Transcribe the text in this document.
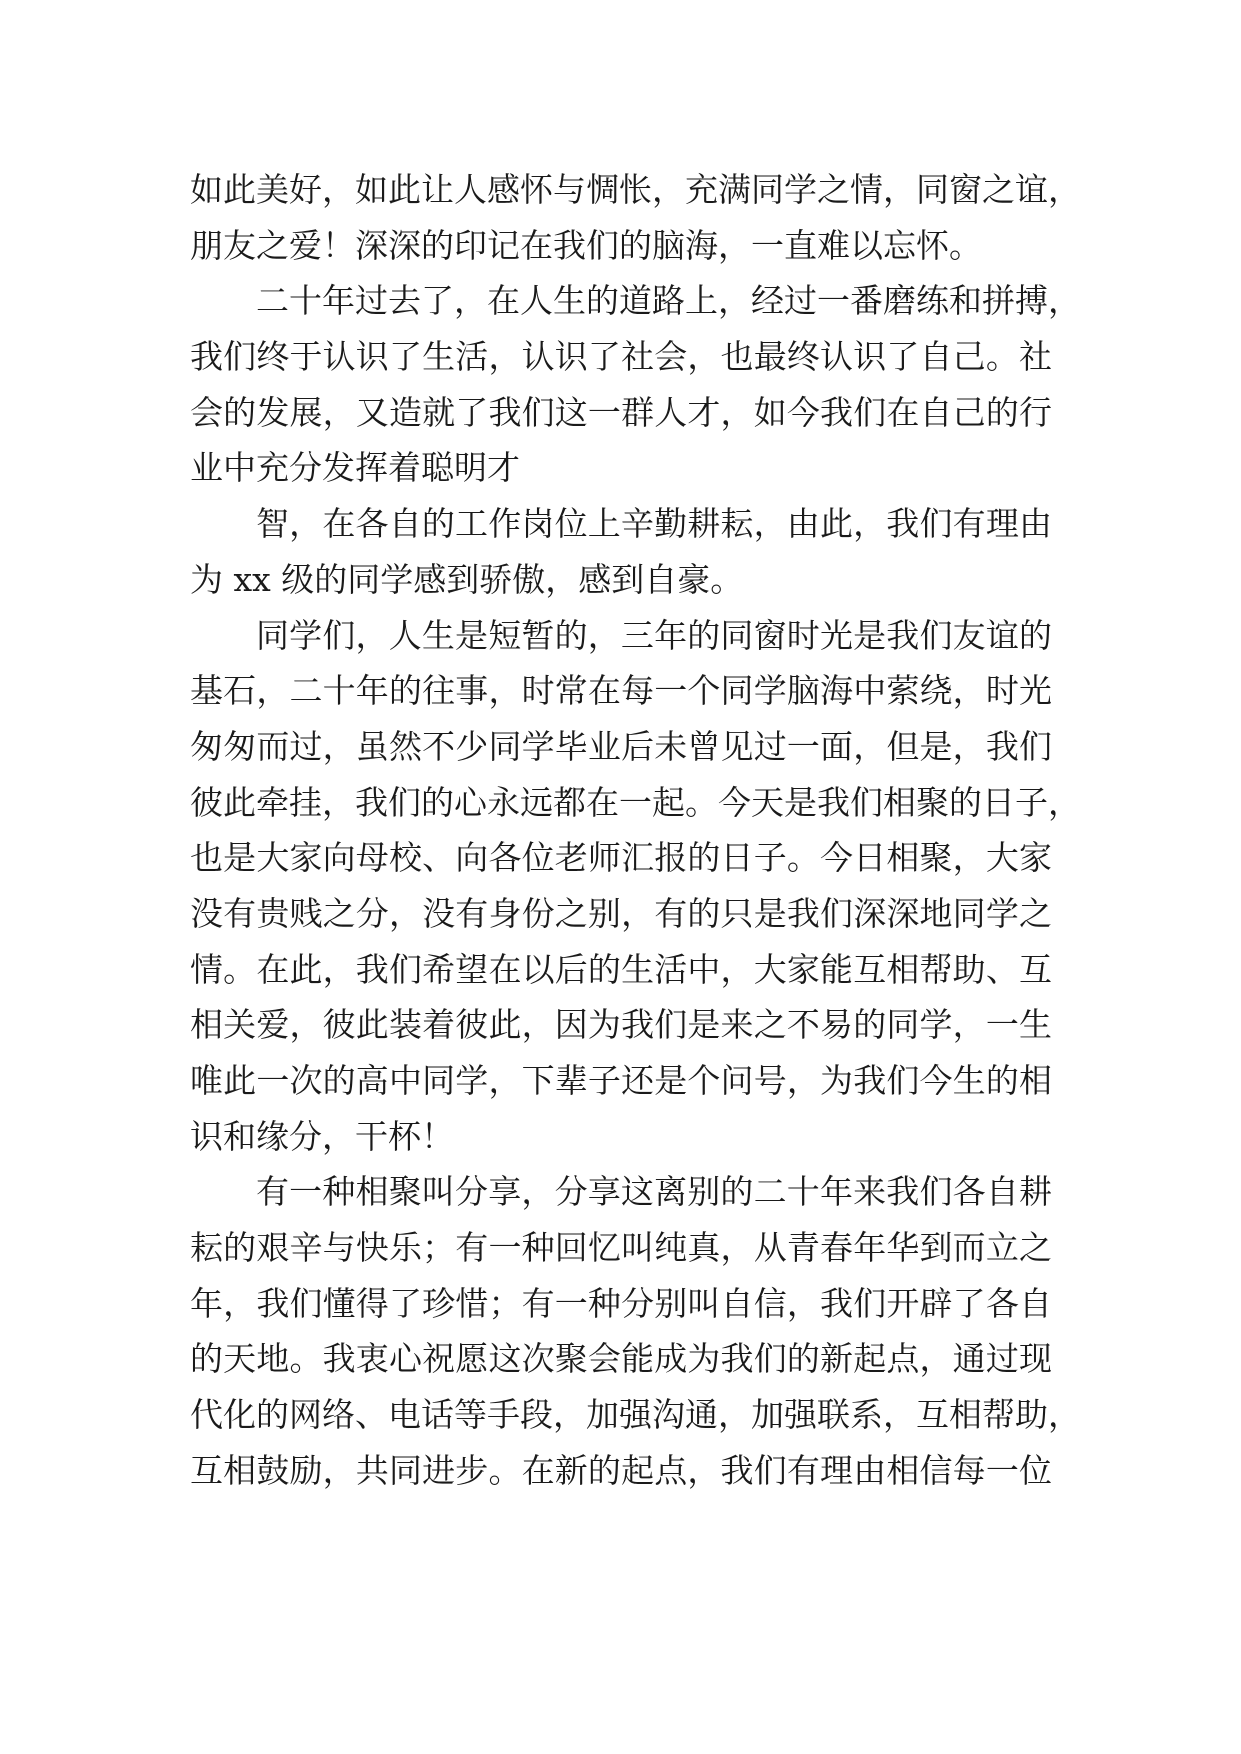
如此美好，如此让人感怀与惆怅，充满同学之情，同窗之谊，
朋友之爱！深深的印记在我们的脑海，一直难以忘怀。
二十年过去了，在人生的道路上，经过一番磨练和拼搏，
我们终于认识了生活，认识了社会，也最终认识了自己。社
会的发展，又造就了我们这一群人才，如今我们在自己的行
业中充分发挥着聪明才
智，在各自的工作岗位上辛勤耕耘，由此，我们有理由
为 xx 级的同学感到骄傲，感到自豪。
同学们，人生是短暂的，三年的同窗时光是我们友谊的
基石，二十年的往事，时常在每一个同学脑海中萦绕，时光
匆匆而过，虽然不少同学毕业后未曾见过一面，但是，我们
彼此牵挂，我们的心永远都在一起。今天是我们相聚的日子，
也是大家向母校、向各位老师汇报的日子。今日相聚，大家
没有贵贱之分，没有身份之别，有的只是我们深深地同学之
情。在此，我们希望在以后的生活中，大家能互相帮助、互
相关爱，彼此装着彼此，因为我们是来之不易的同学，一生
唯此一次的高中同学，下辈子还是个问号，为我们今生的相
识和缘分，干杯！
有一种相聚叫分享，分享这离别的二十年来我们各自耕
耘的艰辛与快乐；有一种回忆叫纯真，从青春年华到而立之
年，我们懂得了珍惜；有一种分别叫自信，我们开辟了各自
的天地。我衷心祝愿这次聚会能成为我们的新起点，通过现
代化的网络、电话等手段，加强沟通，加强联系，互相帮助，
互相鼓励，共同进步。在新的起点，我们有理由相信每一位
